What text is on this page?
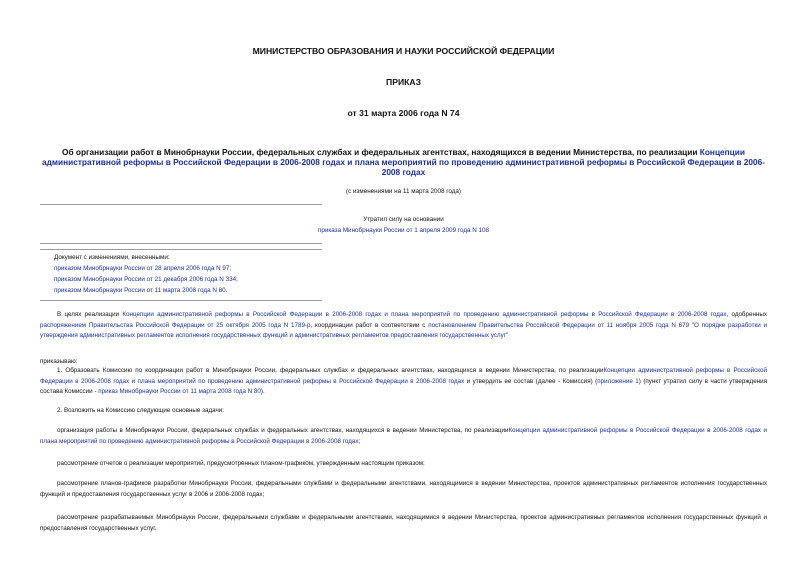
МИНИСТЕРСТВО ОБРАЗОВАНИЯ И НАУКИ РОССИЙСКОЙ ФЕДЕРАЦИИ
ПРИКАЗ
от 31 марта 2006 года N 74
Об организации работ в Минобрнауки России, федеральных службах и федеральных агентствах, находящихся в ведении Министерства, по реализации Концепции административной реформы в Российской Федерации в 2006-2008 годах и плана мероприятий по проведению административной реформы в Российской Федерации в 2006-2008 годах
(с изменениями на 11 марта 2008 года)
Утратил силу на основании
приказа Минобрнауки России от 1 апреля 2009 года N 108
Документ с изменениями, внесенными:
приказом Минобрнауки России от 28 апреля 2006 года N 97;
приказом Минобрнауки России от 21 декабря 2006 года N 334;
приказом Минобрнауки России от 11 марта 2008 года N 80.
В целях реализации Концепции административной реформы в Российской Федерации в 2006-2008 годах и плана мероприятий по проведению административной реформы в Российской Федерации в 2006-2008 годах, одобренных распоряжением Правительства Российской Федерации от 25 октября 2005 года N 1789-р, координации работ в соответствии с постановлением Правительства Российской Федерации от 11 ноября 2005 года N 679 "О порядке разработки и утверждения административных регламентов исполнения государственных функций и административных регламентов предоставления государственных услуг"
приказываю:
1. Образовать Комиссию по координации работ в Минобрнауки России, федеральных службах и федеральных агентствах, находящихся в ведении Министерства, по реализацииКонцепции административной реформы в Российской Федерации в 2006-2008 годах и плана мероприятий по проведению административной реформы в Российской Федерации в 2006-2008 годах и утвердить ее состав (далее - Комиссия) (приложение 1) (пункт утратил силу в части утверждения состава Комиссии - приказ Минобрнауки России от 11 марта 2008 года N 80).
2. Возложить на Комиссию следующие основные задачи:
организация работы в Минобрнауки России, федеральных службах и федеральных агентствах, находящихся в ведении Министерства, по реализацииКонцепции административной реформы в Российской Федерации в 2006-2008 годах и плана мероприятий по проведению административной реформы в Российской Федерации в 2006-2008 годах;
рассмотрение отчетов о реализации мероприятий, предусмотренных планом-графиком, утвержденным настоящим приказом;
рассмотрение планов-графиков разработки Минобрнауки России, федеральными службами и федеральными агентствами, находящимися в ведении Министерства, проектов административных регламентов исполнения государственных функций и предоставления государственных услуг в 2006 и 2006-2008 годах;
рассмотрение разрабатываемых Минобрнауки России, федеральными службами и федеральными агентствами, находящимися в ведении Министерства, проектов административных регламентов исполнения государственных функций и предоставления государственных услуг.
